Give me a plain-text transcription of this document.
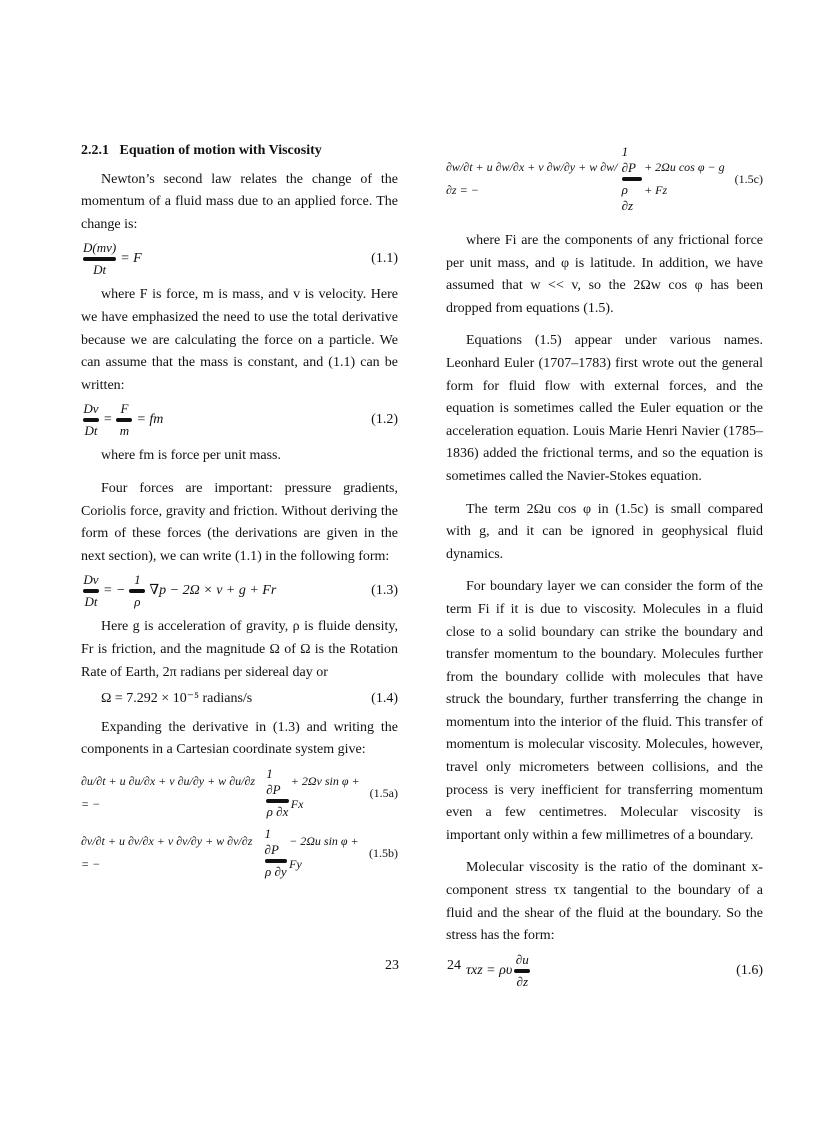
2.2.1 Equation of motion with Viscosity

Newton’s second law relates the change of the momentum of a fluid mass due to an applied force. The change is:

$\frac{D(mv)}{Dt} = F$	(1.1)

where F is force, m is mass, and v is velocity. Here we have emphasized the need to use the total derivative because we are calculating the force on a particle. We can assume that the mass is constant, and (1.1) can be written:

$\frac{Dv}{Dt} = \frac{F}{m}$ = fm	(1.2)

where fm is force per unit mass.

Four forces are important: pressure gradients, Coriolis force, gravity and friction. Without deriving the form of these forces (the derivations are given in the next section), we can write (1.1) in the following form:

$\frac{Dv}{Dt}$ = − $\frac{1}{\rho} \nabla p - 2\Omega \times v + g + Fr$	(1.3)

Here g is acceleration of gravity, ρ is fluide density, Fr is friction, and the magnitude Ω of Ω is the Rotation Rate of Earth, 2π radians per sidereal day or

Ω = 7.292 × 10⁻⁵ radians/s	(1.4)

Expanding the derivative in (1.3) and writing the components in a Cartesian coordinate system give:

∂u/∂t + u ∂u/∂x + v ∂u/∂y + w ∂u/∂z = −	$\frac{1 \partial P}{\rho \partial x} + 2\Omega v$ sin φ + Fx
(1.5a)
∂v/∂t + u ∂v/∂x + v ∂v/∂y + w ∂v/∂z = −	$\frac{1 \partial P}{\rho \partial y} - 2\Omega u$ sin φ + Fy
(1.5b)
∂w/∂t + u ∂w/∂x + v ∂w/∂y + w ∂w/∂z = −	$\frac{1 \partial P}{\rho \partial z} + 2\Omega u$ cos φ − g + Fz
(1.5c)

where Fi are the components of any frictional force per unit mass, and φ is latitude. In addition, we have assumed that w << v, so the 2Ωw cos φ has been dropped from equations (1.5).

Equations (1.5) appear under various names. Leonhard Euler (1707–1783) first wrote out the general form for fluid flow with external forces, and the equation is sometimes called the Euler equation or the acceleration equation. Louis Marie Henri Navier (1785–1836) added the frictional terms, and so the equation is sometimes called the Navier-Stokes equation.

The term 2Ωu cos φ in (1.5c) is small compared with g, and it can be ignored in geophysical fluid dynamics.

For boundary layer we can consider the form of the term Fi if it is due to viscosity. Molecules in a fluid close to a solid boundary can strike the boundary and transfer momentum to the boundary. Molecules further from the boundary collide with molecules that have struck the boundary, further transferring the change in momentum into the interior of the fluid. This transfer of momentum is molecular viscosity. Molecules, however, travel only micrometers between collisions, and the process is very inefficient for transferring momentum even a few centimetres. Molecular viscosity is important only within a few millimetres of a boundary.

Molecular viscosity is the ratio of the dominant x-component stress τx tangential to the boundary of a fluid and the shear of the fluid at the boundary. So the stress has the form:

τxz = ρυ $\frac{\partial u}{\partial z}$	(1.6)
23	24
